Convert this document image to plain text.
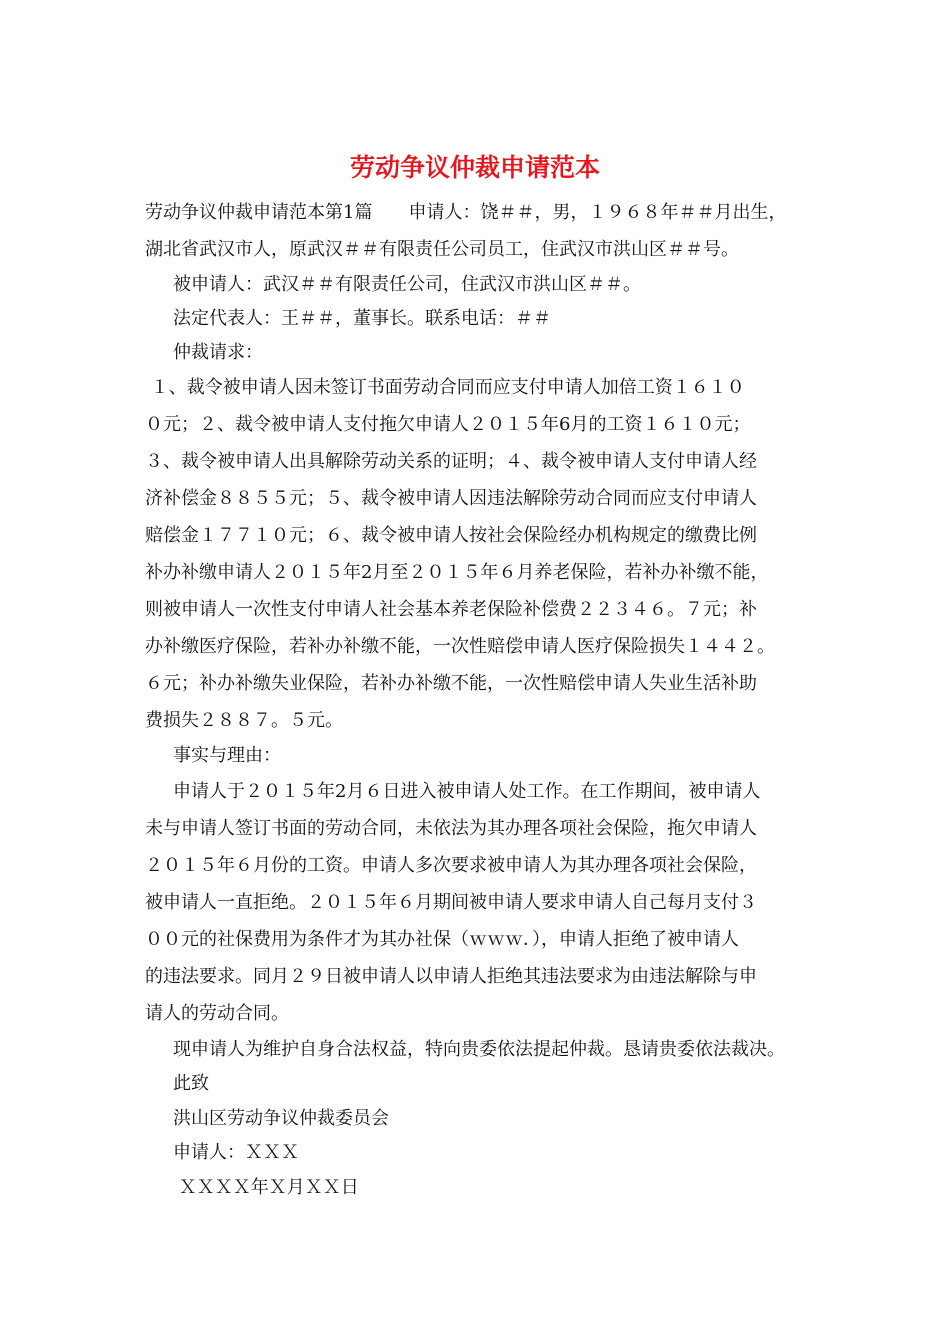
劳动争议仲裁申请范本
劳动争议仲裁申请范本第1篇　　申请人：饶＃＃，男，１９６８年＃＃月出生，
湖北省武汉市人，原武汉＃＃有限责任公司员工，住武汉市洪山区＃＃号。
被申请人：武汉＃＃有限责任公司，住武汉市洪山区＃＃。
法定代表人：王＃＃，董事长。联系电话：＃＃
仲裁请求：
１、裁令被申请人因未签订书面劳动合同而应支付申请人加倍工资１６１０
０元；２、裁令被申请人支付拖欠申请人２０１５年6月的工资１６１０元；
３、裁令被申请人出具解除劳动关系的证明；４、裁令被申请人支付申请人经
济补偿金８８５５元；５、裁令被申请人因违法解除劳动合同而应支付申请人
赔偿金１７７１０元；６、裁令被申请人按社会保险经办机构规定的缴费比例
补办补缴申请人２０１５年2月至２０１５年６月养老保险，若补办补缴不能，
则被申请人一次性支付申请人社会基本养老保险补偿费２２３４６。７元；补
办补缴医疗保险，若补办补缴不能，一次性赔偿申请人医疗保险损失１４４２。
６元；补办补缴失业保险，若补办补缴不能，一次性赔偿申请人失业生活补助
费损失２８８７。５元。
事实与理由：
申请人于２０１５年2月６日进入被申请人处工作。在工作期间，被申请人
未与申请人签订书面的劳动合同，未依法为其办理各项社会保险，拖欠申请人
２０１５年６月份的工资。申请人多次要求被申请人为其办理各项社会保险，
被申请人一直拒绝。２０１５年６月期间被申请人要求申请人自己每月支付３
００元的社保费用为条件才为其办社保（ｗｗｗ．），申请人拒绝了被申请人
的违法要求。同月２９日被申请人以申请人拒绝其违法要求为由违法解除与申
请人的劳动合同。
现申请人为维护自身合法权益，特向贵委依法提起仲裁。恳请贵委依法裁决。
此致
洪山区劳动争议仲裁委员会
申请人：ＸＸＸ
ＸＸＸＸ年Ｘ月ＸＸ日
